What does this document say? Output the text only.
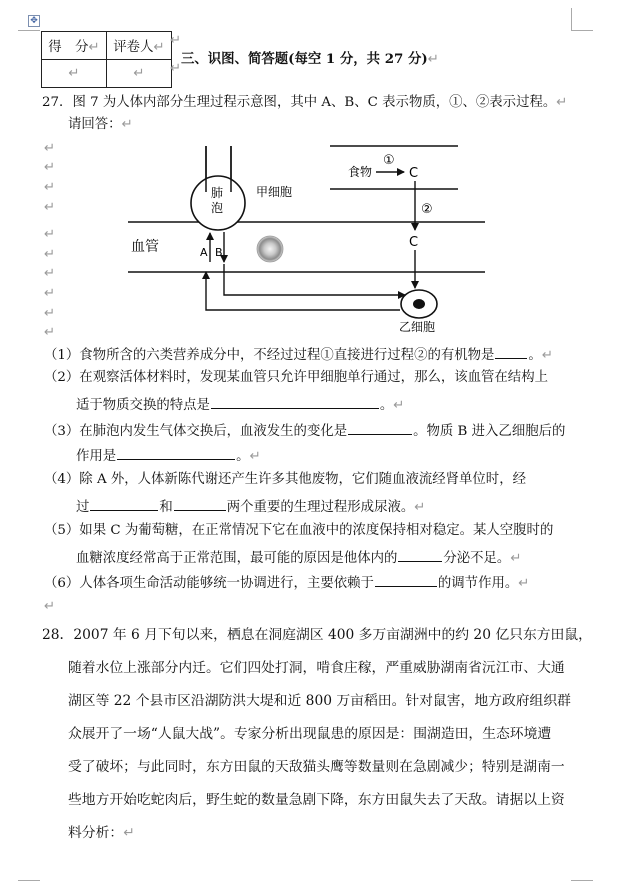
✥
得　分↵	评卷人↵
↵	↵
↵
↵
三、识图、简答题(每空 1 分，共 27 分)↵
27．图 7 为人体内部分生理过程示意图，其中 A、B、C 表示物质，①、②表示过程。↵
请回答：↵
↵
↵
↵
↵
↵
↵
↵
↵
↵
↵
肺
泡
A B
甲细胞
血管
食物
①
C
②
C
乙细胞
（1）食物所含的六类营养成分中，不经过过程①直接进行过程②的有机物是	。↵
（2）在观察活体材料时，发现某血管只允许甲细胞单行通过，那么，该血管在结构上
适于物质交换的特点是	。↵
（3）在肺泡内发生气体交换后，血液发生的变化是	。物质 B 进入乙细胞后的
作用是	。↵
（4）除 A 外，人体新陈代谢还产生许多其他废物，它们随血液流经肾单位时，经
过	和	两个重要的生理过程形成尿液。↵
（5）如果 C 为葡萄糖，在正常情况下它在血液中的浓度保持相对稳定。某人空腹时的
血糖浓度经常高于正常范围，最可能的原因是他体内的	分泌不足。↵
（6）人体各项生命活动能够统一协调进行，主要依赖于	的调节作用。↵
↵
28．2007 年 6 月下旬以来，栖息在洞庭湖区 400 多万亩湖洲中的约 20 亿只东方田鼠，
随着水位上涨部分内迁。它们四处打洞，啃食庄稼，严重威胁湖南省沅江市、大通
湖区等 22 个县市区沿湖防洪大堤和近 800 万亩稻田。针对鼠害，地方政府组织群
众展开了一场“人鼠大战”。专家分析出现鼠患的原因是：围湖造田，生态环境遭
受了破坏；与此同时，东方田鼠的天敌猫头鹰等数量则在急剧减少；特别是湖南一
些地方开始吃蛇肉后，野生蛇的数量急剧下降，东方田鼠失去了天敌。请据以上资
料分析：↵
